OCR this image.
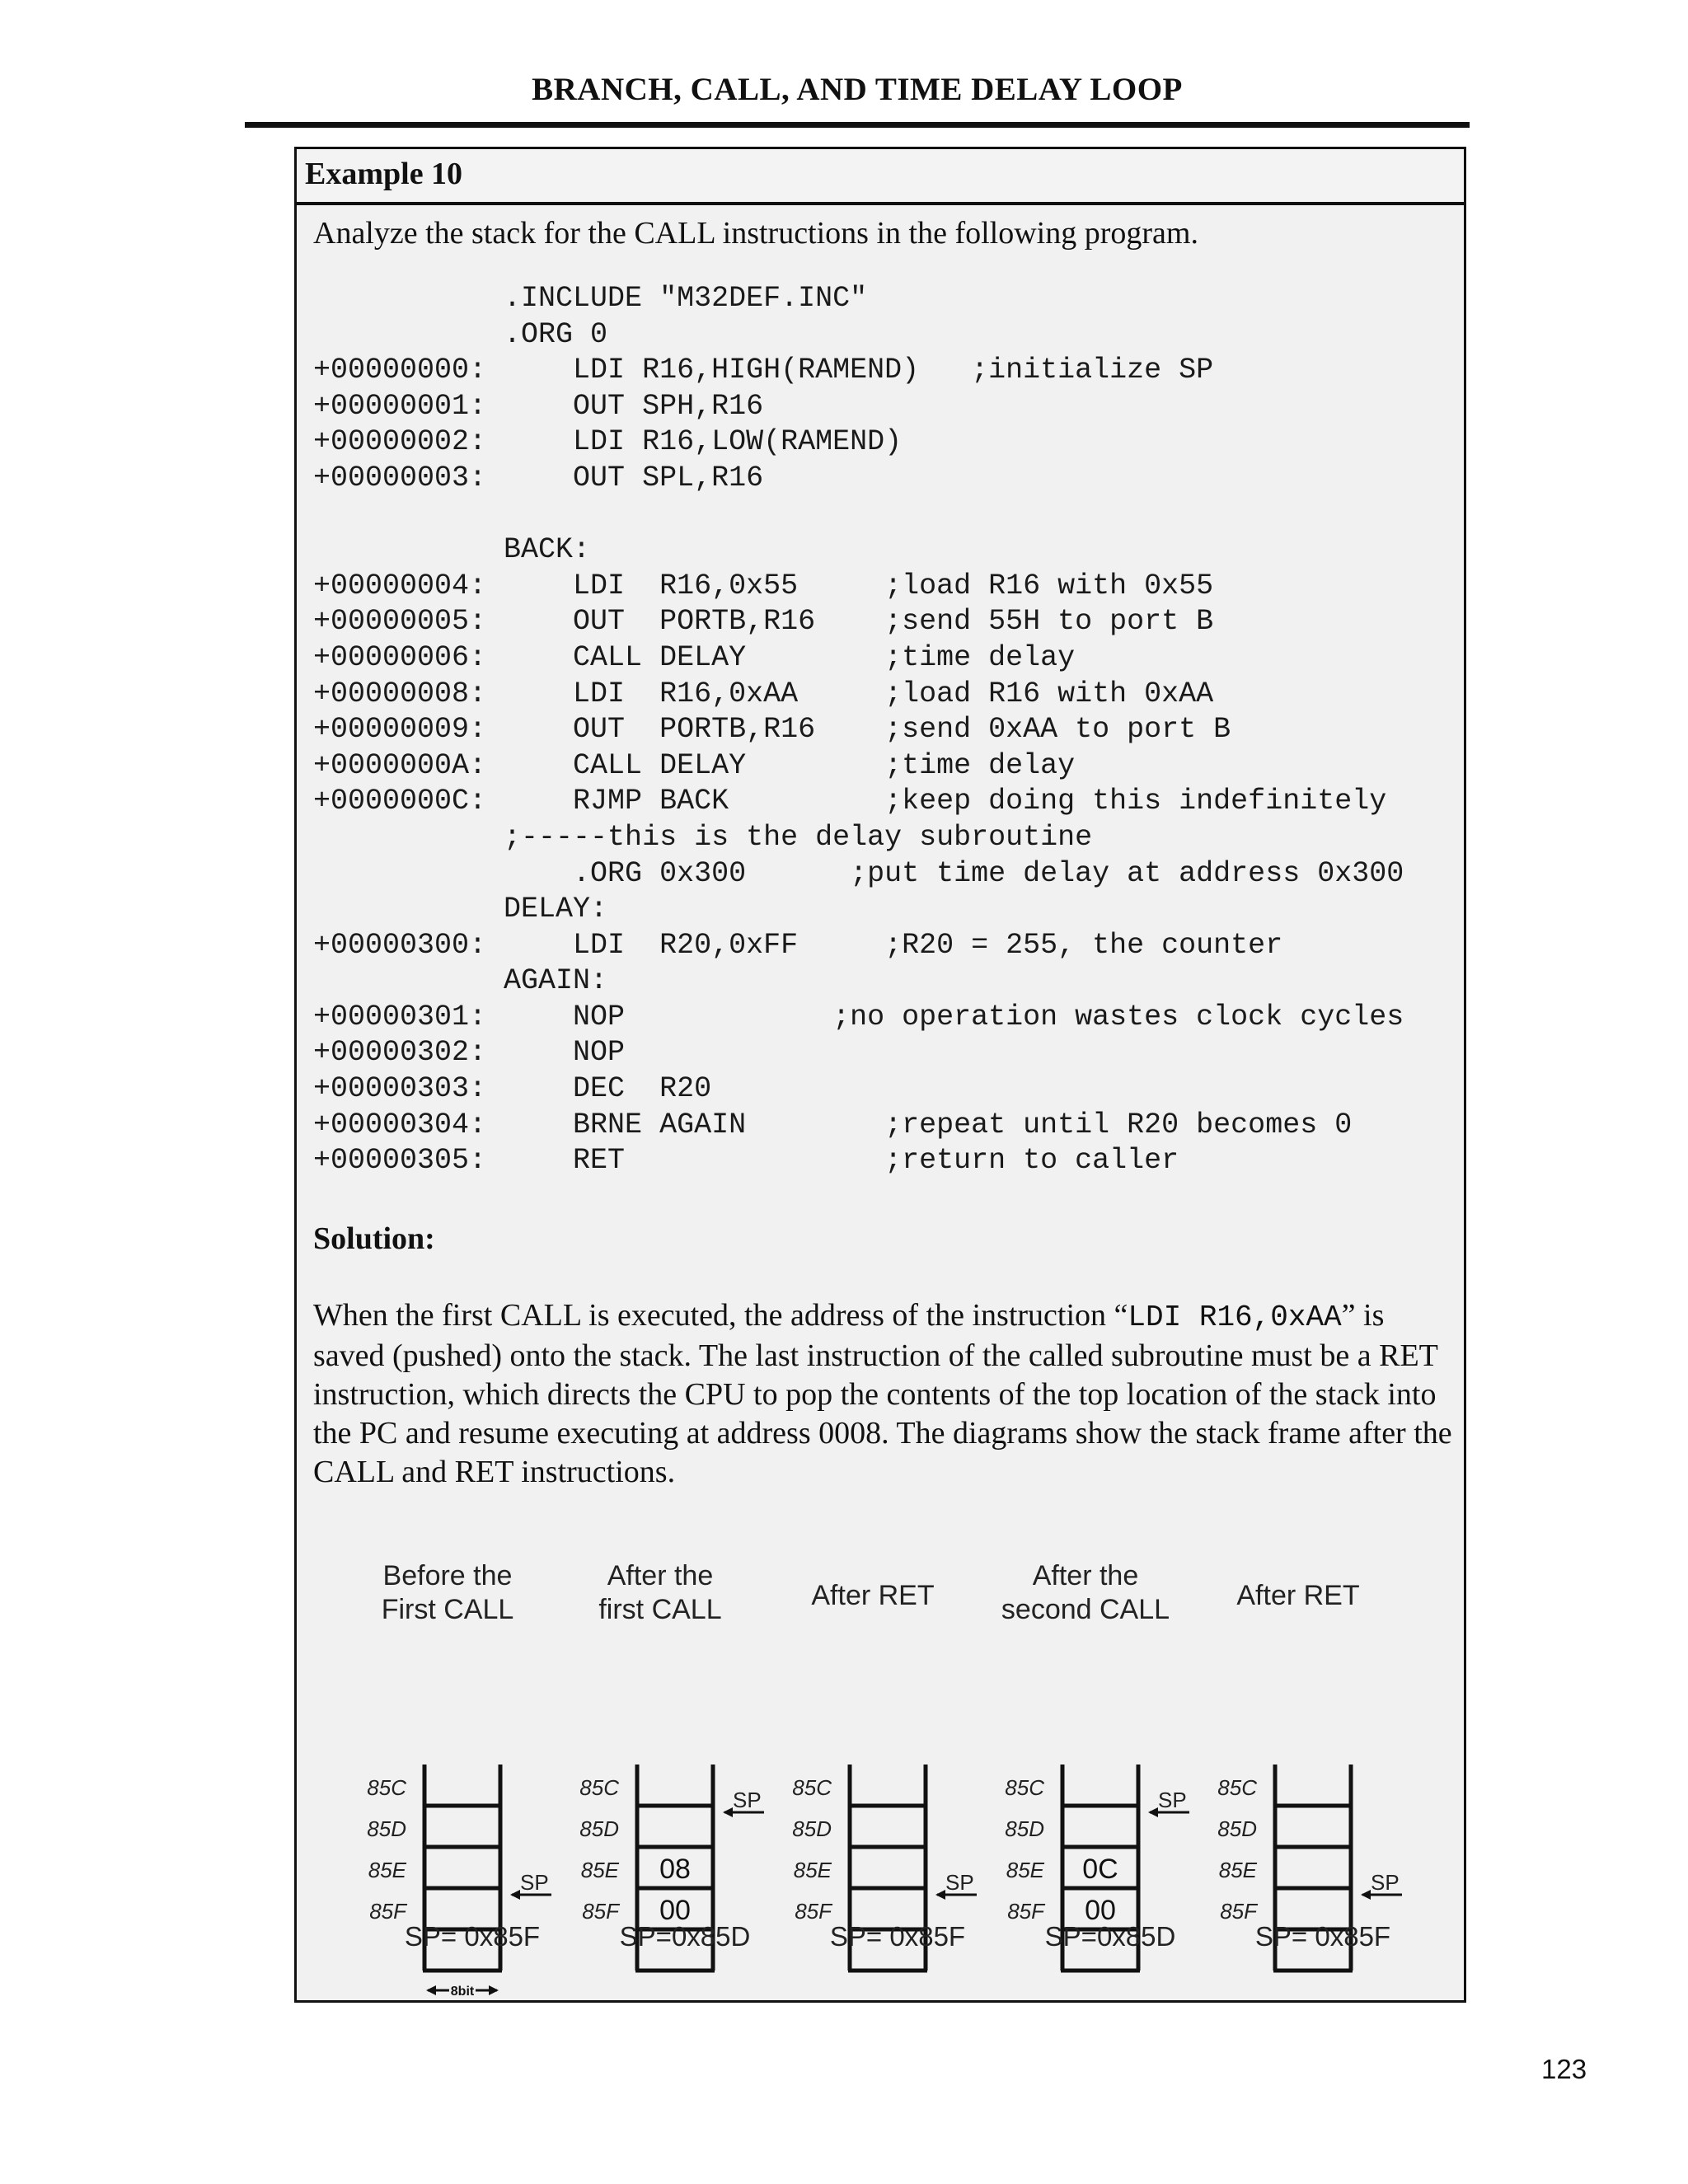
BRANCH, CALL, AND TIME DELAY LOOP
Example 10
Analyze the stack for the CALL instructions in the following program.
.INCLUDE "M32DEF.INC"
.ORG 0
+00000000:     LDI R16,HIGH(RAMEND)   ;initialize SP
+00000001:     OUT SPH,R16
+00000002:     LDI R16,LOW(RAMEND)
+00000003:     OUT SPL,R16

BACK:
+00000004:     LDI  R16,0x55     ;load R16 with 0x55
+00000005:     OUT  PORTB,R16    ;send 55H to port B
+00000006:     CALL DELAY        ;time delay
+00000008:     LDI  R16,0xAA     ;load R16 with 0xAA
+00000009:     OUT  PORTB,R16    ;send 0xAA to port B
+0000000A:     CALL DELAY        ;time delay
+0000000C:     RJMP BACK         ;keep doing this indefinitely
;-----this is the delay subroutine
.ORG 0x300      ;put time delay at address 0x300
DELAY:
+00000300:     LDI  R20,0xFF     ;R20 = 255, the counter
AGAIN:
+00000301:     NOP            ;no operation wastes clock cycles
+00000302:     NOP
+00000303:     DEC  R20
+00000304:     BRNE AGAIN        ;repeat until R20 becomes 0
+00000305:     RET               ;return to caller
Solution:
When the first CALL is executed, the address of the instruction “LDI R16,0xAA” is saved (pushed) onto the stack. The last instruction of the called subroutine must be a RET instruction, which directs the CPU to pop the contents of the top location of the stack into the PC and resume executing at address 0008. The diagrams show the stack frame after the CALL and RET instructions.
Before the
First CALL
85C
85D
85E
85F
SP
SP= 0x85F
8bit
After the
first CALL
85C
85D
85E 08
85F 00
SP
SP=0x85D
After RET
85C
85D
85E
85F
SP
SP= 0x85F
After the
second CALL
85C
85D
85E 0C
85F 00
SP
SP=0x85D
After RET
85C
85D
85E
85F
SP
SP= 0x85F
123
